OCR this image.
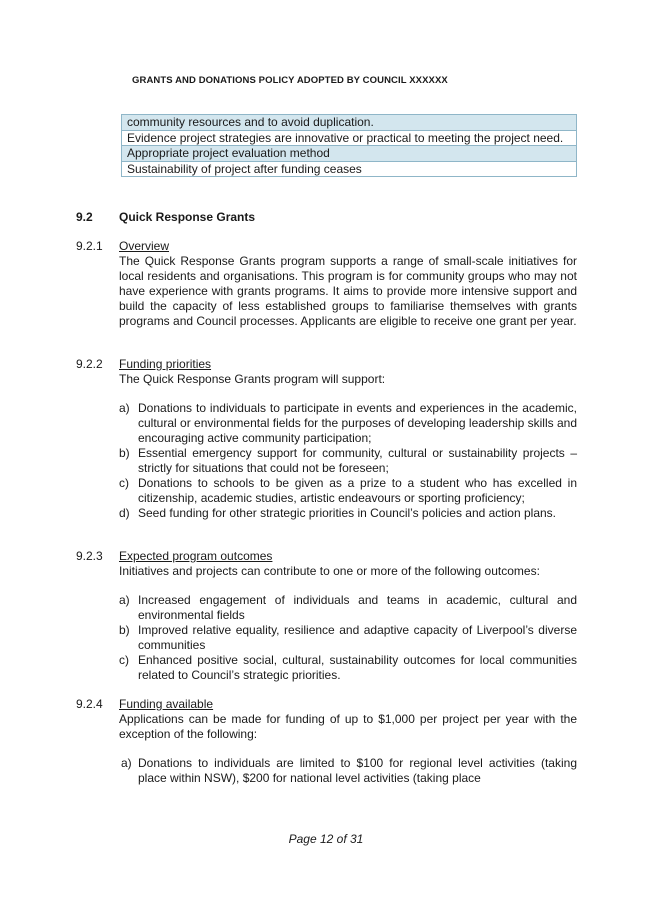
GRANTS AND DONATIONS POLICY ADOPTED BY COUNCIL XXXXXX
community resources and to avoid duplication.
Evidence project strategies are innovative or practical to meeting the project need.
Appropriate project evaluation method
Sustainability of project after funding ceases
9.2 Quick Response Grants
9.2.1 Overview
The Quick Response Grants program supports a range of small-scale initiatives for local residents and organisations. This program is for community groups who may not have experience with grants programs. It aims to provide more intensive support and build the capacity of less established groups to familiarise themselves with grants programs and Council processes. Applicants are eligible to receive one grant per year.
9.2.2 Funding priorities
The Quick Response Grants program will support:
a) Donations to individuals to participate in events and experiences in the academic, cultural or environmental fields for the purposes of developing leadership skills and encouraging active community participation;
b) Essential emergency support for community, cultural or sustainability projects – strictly for situations that could not be foreseen;
c) Donations to schools to be given as a prize to a student who has excelled in citizenship, academic studies, artistic endeavours or sporting proficiency;
d) Seed funding for other strategic priorities in Council’s policies and action plans.
9.2.3 Expected program outcomes
Initiatives and projects can contribute to one or more of the following outcomes:
a) Increased engagement of individuals and teams in academic, cultural and environmental fields
b) Improved relative equality, resilience and adaptive capacity of Liverpool’s diverse communities
c) Enhanced positive social, cultural, sustainability outcomes for local communities related to Council’s strategic priorities.
9.2.4 Funding available
Applications can be made for funding of up to $1,000 per project per year with the exception of the following:
a) Donations to individuals are limited to $100 for regional level activities (taking place within NSW), $200 for national level activities (taking place
Page 12 of 31
